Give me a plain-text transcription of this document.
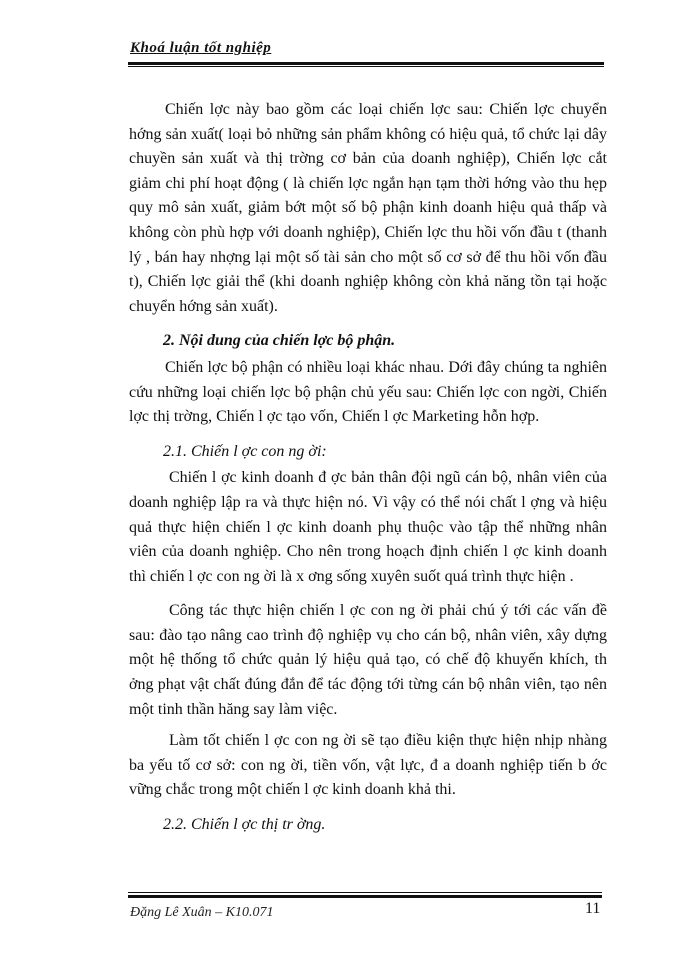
Khoá luận tốt nghiệp

Chiến lợc này bao gồm các loại chiến lợc sau: Chiến lợc chuyển hớng sản xuất( loại bỏ những sản phẩm không có hiệu quả, tổ chức lại dây chuyền sản xuất và thị trờng cơ bản của doanh nghiệp), Chiến lợc cắt giảm chi phí hoạt động ( là chiến lợc ngắn hạn tạm thời hớng vào thu hẹp quy mô sản xuất, giảm bớt một số bộ phận kinh doanh hiệu quả thấp và không còn phù hợp với doanh nghiệp), Chiến lợc thu hồi vốn đầu t (thanh lý , bán hay nhợng lại một số tài sản cho một số cơ sở để thu hồi vốn đầu t), Chiến lợc giải thể (khi doanh nghiệp không còn khả năng tồn tại hoặc chuyển hớng sản xuất).

2. Nội dung của chiến lợc bộ phận.

Chiến lợc bộ phận có nhiều loại khác nhau. Dới đây chúng ta nghiên cứu những loại chiến lợc bộ phận chủ yếu sau: Chiến lợc con ngời, Chiến lợc thị trờng, Chiến l ợc tạo vốn, Chiến l ợc Marketing hỗn hợp.

2.1. Chiến l ợc con ng ời:

Chiến l ợc kinh doanh đ ợc bản thân đội ngũ cán bộ, nhân viên của doanh nghiệp lập ra và thực hiện nó. Vì vậy có thể nói chất l ợng và hiệu quả thực hiện chiến l ợc kinh doanh phụ thuộc vào tập thể những nhân viên của doanh nghiệp. Cho nên trong hoạch định chiến l ợc kinh doanh thì chiến l ợc con ng ời là x ơng sống xuyên suốt quá trình thực hiện .

Công tác thực hiện chiến l ợc con ng ời phải chú ý tới các vấn đề sau: đào tạo nâng cao trình độ nghiệp vụ cho cán bộ, nhân viên, xây dựng một hệ thống tổ chức quản lý hiệu quả tạo, có chế độ khuyến khích, th ởng phạt vật chất đúng đắn để tác động tới từng cán bộ nhân viên, tạo nên một tinh thần hăng say làm việc.

Làm tốt chiến l ợc con ng ời sẽ tạo điều kiện thực hiện nhịp nhàng ba yếu tố cơ sở: con ng ời, tiền vốn, vật lực, đ a doanh nghiệp tiến b ớc vững chắc trong một chiến l ợc kinh doanh khả thi.

2.2. Chiến l ợc thị tr ờng.

Đặng Lê Xuân – K10.071	11
